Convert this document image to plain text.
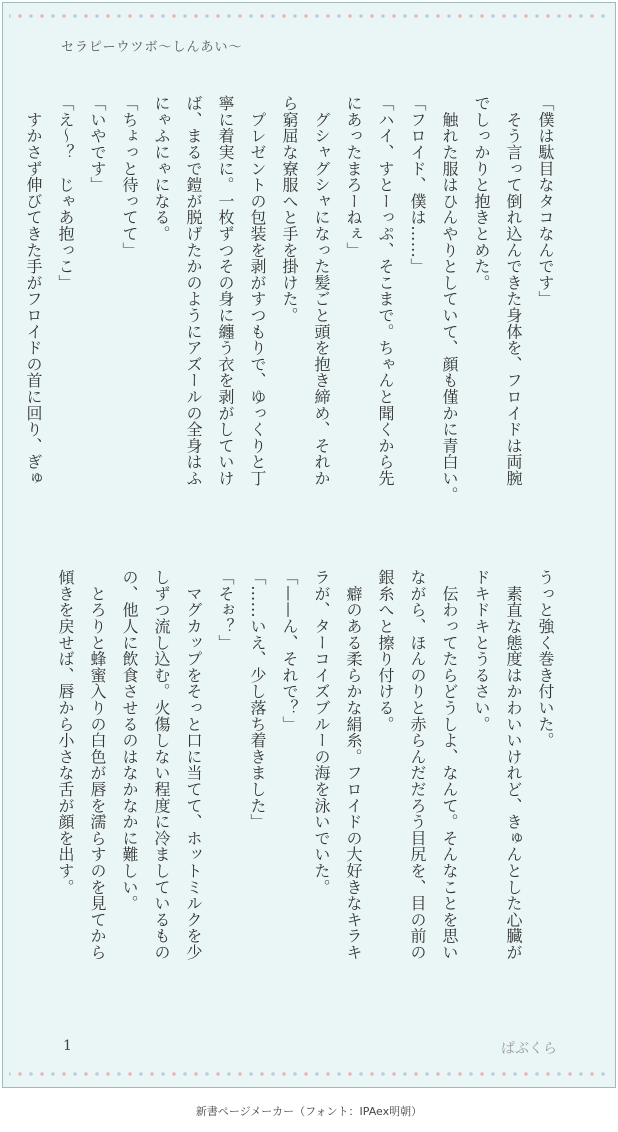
セラピーウツボ〜しんあい〜

「僕は駄目なタコなんです」

　そう言って倒れ込んできた身体を、フロイドは両腕

でしっかりと抱きとめた。

　触れた服はひんやりとしていて、顔も僅かに青白い。

「フロイド、僕は……」

「ハイ、すとーっぷ、そこまで。ちゃんと聞くから先

にあったまろーねぇ」

　グシャグシャになった髪ごと頭を抱き締め、それか

ら窮屈な寮服へと手を掛けた。

　プレゼントの包装を剥がすつもりで、ゆっくりと丁

寧に着実に。一枚ずつその身に纏う衣を剥がしていけ

ば、まるで鎧が脱げたかのようにアズールの全身はふ

にゃふにゃになる。

「ちょっと待ってて」

「いやです」

「え〜？　じゃあ抱っこ」

　すかさず伸びてきた手がフロイドの首に回り、ぎゅ

うっと強く巻き付いた。

　素直な態度はかわいいけれど、きゅんとした心臓が

ドキドキとうるさい。

　伝わってたらどうしよ、なんて。そんなことを思い

ながら、ほんのりと赤らんだだろう目尻を、目の前の

銀糸へと擦り付ける。

　癖のある柔らかな絹糸。フロイドの大好きなキラキ

ラが、ターコイズブルーの海を泳いでいた。

「——ん、それで？」

「……いえ、少し落ち着きました」

「そぉ？」

　マグカップをそっと口に当てて、ホットミルクを少

しずつ流し込む。火傷しない程度に冷ましているもの

の、他人に飲食させるのはなかなかに難しい。

　とろりと蜂蜜入りの白色が唇を濡らすのを見てから

傾きを戻せば、唇から小さな舌が顔を出す。

1	ぱぶくら
新書ページメーカー（フォント：IPAex明朝）
